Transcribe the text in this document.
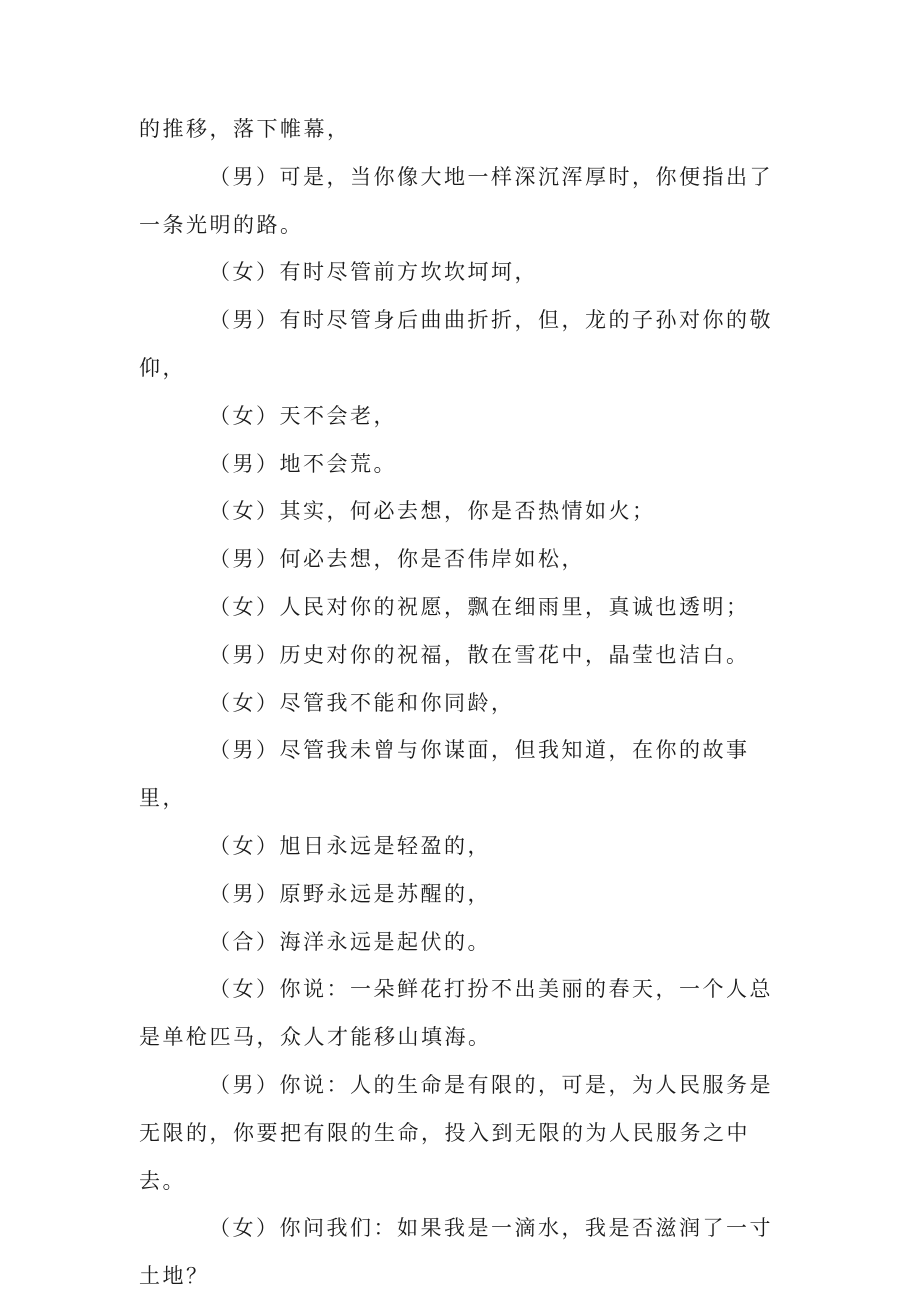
的推移，落下帷幕，

（男）可是，当你像大地一样深沉浑厚时，你便指出了一条光明的路。

（女）有时尽管前方坎坎坷坷，

（男）有时尽管身后曲曲折折，但，龙的子孙对你的敬仰，

（女）天不会老，

（男）地不会荒。

（女）其实，何必去想，你是否热情如火；

（男）何必去想，你是否伟岸如松，

（女）人民对你的祝愿，飘在细雨里，真诚也透明；

（男）历史对你的祝福，散在雪花中，晶莹也洁白。

（女）尽管我不能和你同龄，

（男）尽管我未曾与你谋面，但我知道，在你的故事里，

（女）旭日永远是轻盈的，

（男）原野永远是苏醒的，

（合）海洋永远是起伏的。

（女）你说：一朵鲜花打扮不出美丽的春天，一个人总是单枪匹马，众人才能移山填海。

（男）你说：人的生命是有限的，可是，为人民服务是无限的，你要把有限的生命，投入到无限的为人民服务之中去。

（女）你问我们：如果我是一滴水，我是否滋润了一寸土地？
